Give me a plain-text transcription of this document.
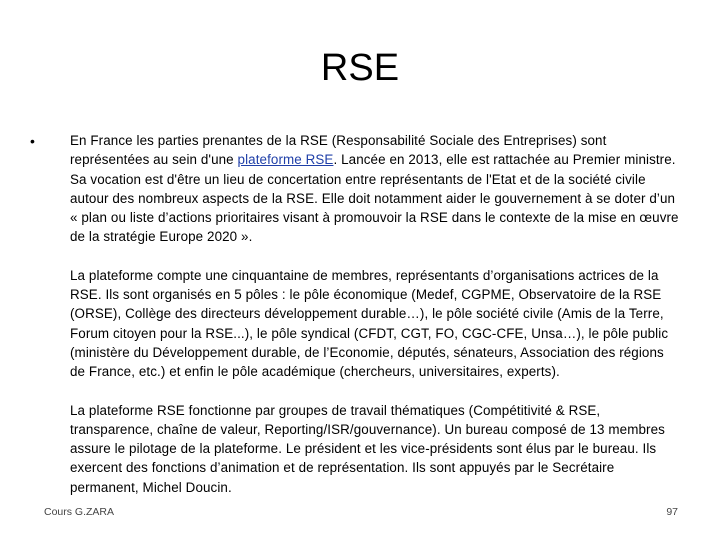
RSE
•	En France les parties prenantes de la RSE (Responsabilité Sociale des Entreprises) sont représentées au sein d'une plateforme RSE. Lancée en 2013, elle est rattachée au Premier ministre. Sa vocation est d'être un lieu de concertation entre représentants de l'Etat et de la société civile autour des nombreux aspects de la RSE. Elle doit notamment aider le gouvernement à se doter d’un « plan ou liste d’actions prioritaires visant à promouvoir la RSE dans le contexte de la mise en œuvre de la stratégie Europe 2020 ».

La plateforme compte une cinquantaine de membres, représentants d’organisations actrices de la RSE. Ils sont organisés en 5 pôles : le pôle économique (Medef, CGPME, Observatoire de la RSE (ORSE), Collège des directeurs développement durable…), le pôle société civile (Amis de la Terre, Forum citoyen pour la RSE...), le pôle syndical (CFDT, CGT, FO, CGC-CFE, Unsa…), le pôle public (ministère du Développement durable, de l’Economie, députés, sénateurs, Association des régions de France, etc.) et enfin le pôle académique (chercheurs, universitaires, experts).

La plateforme RSE fonctionne par groupes de travail thématiques (Compétitivité & RSE, transparence, chaîne de valeur, Reporting/ISR/gouvernance). Un bureau composé de 13 membres assure le pilotage de la plateforme. Le président et les vice-présidents sont élus par le bureau. Ils exercent des fonctions d’animation et de représentation. Ils sont appuyés par le Secrétaire permanent, Michel Doucin.

Cours G.ZARA	97
